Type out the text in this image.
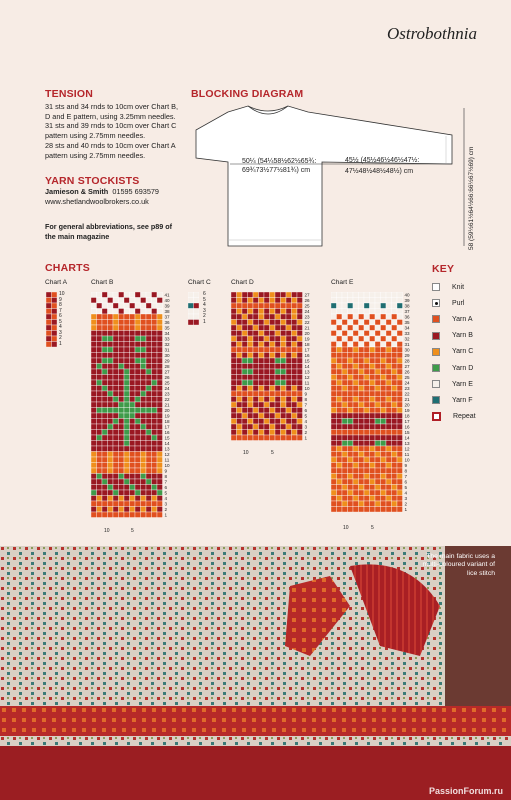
Ostrobothnia
TENSION

31 sts and 34 rnds to 10cm over Chart B,
D and E pattern, using 3.25mm needles.
31 sts and 39 rnds to 10cm over Chart C
pattern using 2.75mm needles.
28 sts and 40 rnds to 10cm over Chart A
pattern using 2.75mm needles.

BLOCKING DIAGRAM
50¼ (54¼58½62½65¾:
69¾73½77½81¾) cm
45½ (45½46½46½47½:
47½48½48½48½) cm	58 (59½61½64½66:66½67½69) cm
YARN STOCKISTS

Jamieson & Smith 01595 693579

www.shetlandwoolbrokers.co.uk

For general abbreviations, see p89 of
the main magazine
CHARTS
Chart A	Chart B	Chart C	Chart D	Chart E
10
9
8
7
6
5
4
3
2
1
41
40
39
38
37
36
35
34
33
32
31
30
29
28
27
26
25
24
23
22
21
20
19
18
17
16
15
14
13
12
11
10
9
8
7
6
5
4
3
2
1
10	5
6
5
4
3
2
1
27
26
25
24
23
22
21
20
19
18
17
16
15
14
13
12
11
10
9
8
7
6
5
4
3
2
1
10	5
40
39
38
37
36
35
34
33
32
31
30
29
28
27
26
25
24
23
22
21
20
19
18
17
16
15
14
13
12
11
10
9
8
7
6
5
4
3
2
1
10	5
KEY
Knit
Purl
Yarn A
Yarn B
Yarn C
Yarn D
Yarn E
Yarn F
Repeat
The main fabric uses a multi-coloured variant of lice stitch
PassionForum.ru
